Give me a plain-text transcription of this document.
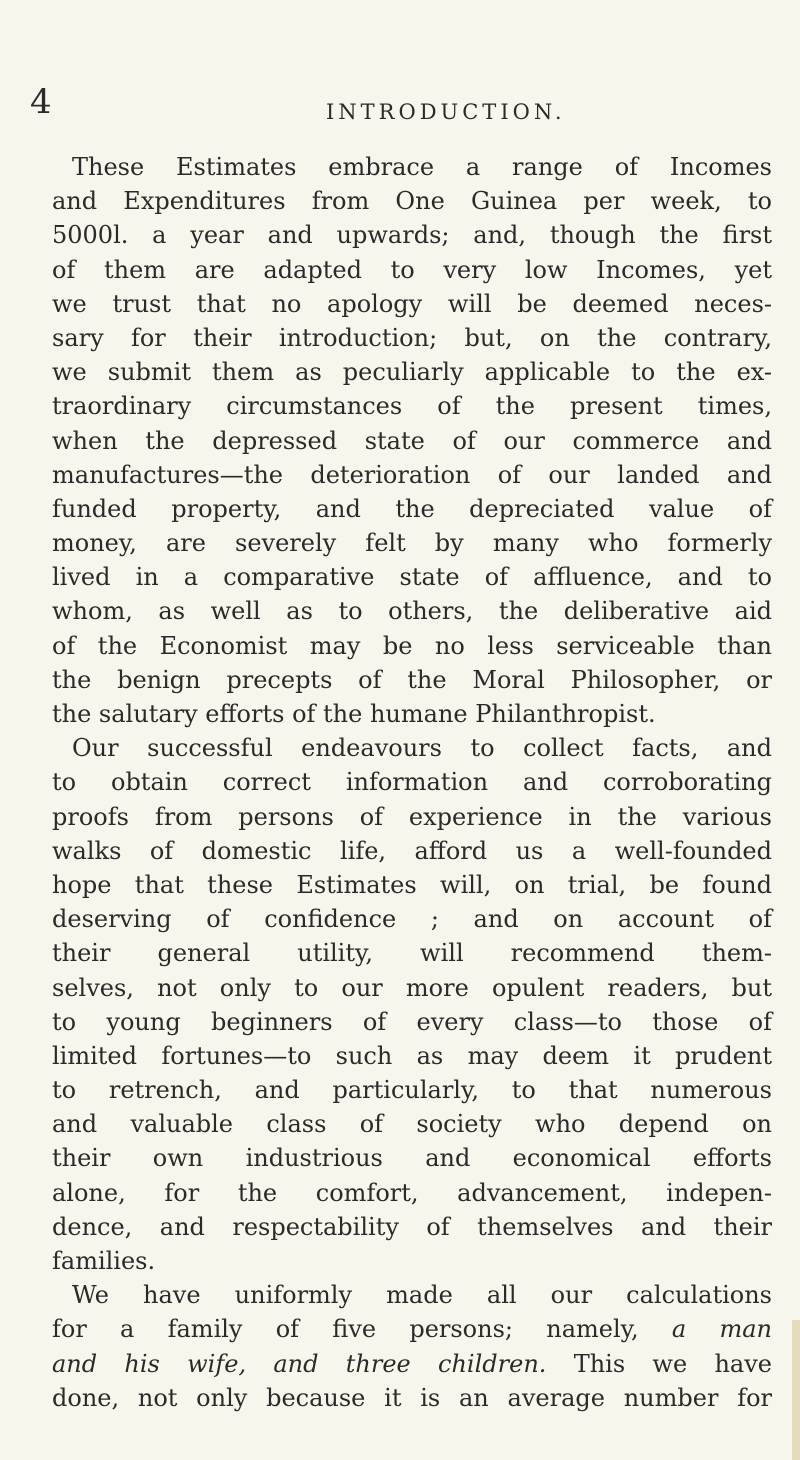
4	INTRODUCTION.
These Estimates embrace a range of Incomes
and Expenditures from One Guinea per week, to
5000l. a year and upwards; and, though the first
of them are adapted to very low Incomes, yet
we trust that no apology will be deemed neces-
sary for their introduction; but, on the contrary,
we submit them as peculiarly applicable to the ex-
traordinary circumstances of the present times,
when the depressed state of our commerce and
manufactures—the deterioration of our landed and
funded property, and the depreciated value of
money, are severely felt by many who formerly
lived in a comparative state of affluence, and to
whom, as well as to others, the deliberative aid
of the Economist may be no less serviceable than
the benign precepts of the Moral Philosopher, or
the salutary efforts of the humane Philanthropist.
Our successful endeavours to collect facts, and
to obtain correct information and corroborating
proofs from persons of experience in the various
walks of domestic life, afford us a well-founded
hope that these Estimates will, on trial, be found
deserving of confidence ; and on account of
their general utility, will recommend them-
selves, not only to our more opulent readers, but
to young beginners of every class—to those of
limited fortunes—to such as may deem it prudent
to retrench, and particularly, to that numerous
and valuable class of society who depend on
their own industrious and economical efforts
alone, for the comfort, advancement, indepen-
dence, and respectability of themselves and their
families.
We have uniformly made all our calculations
for a family of five persons; namely, a man
and his wife, and three children. This we have
done, not only because it is an average number for
